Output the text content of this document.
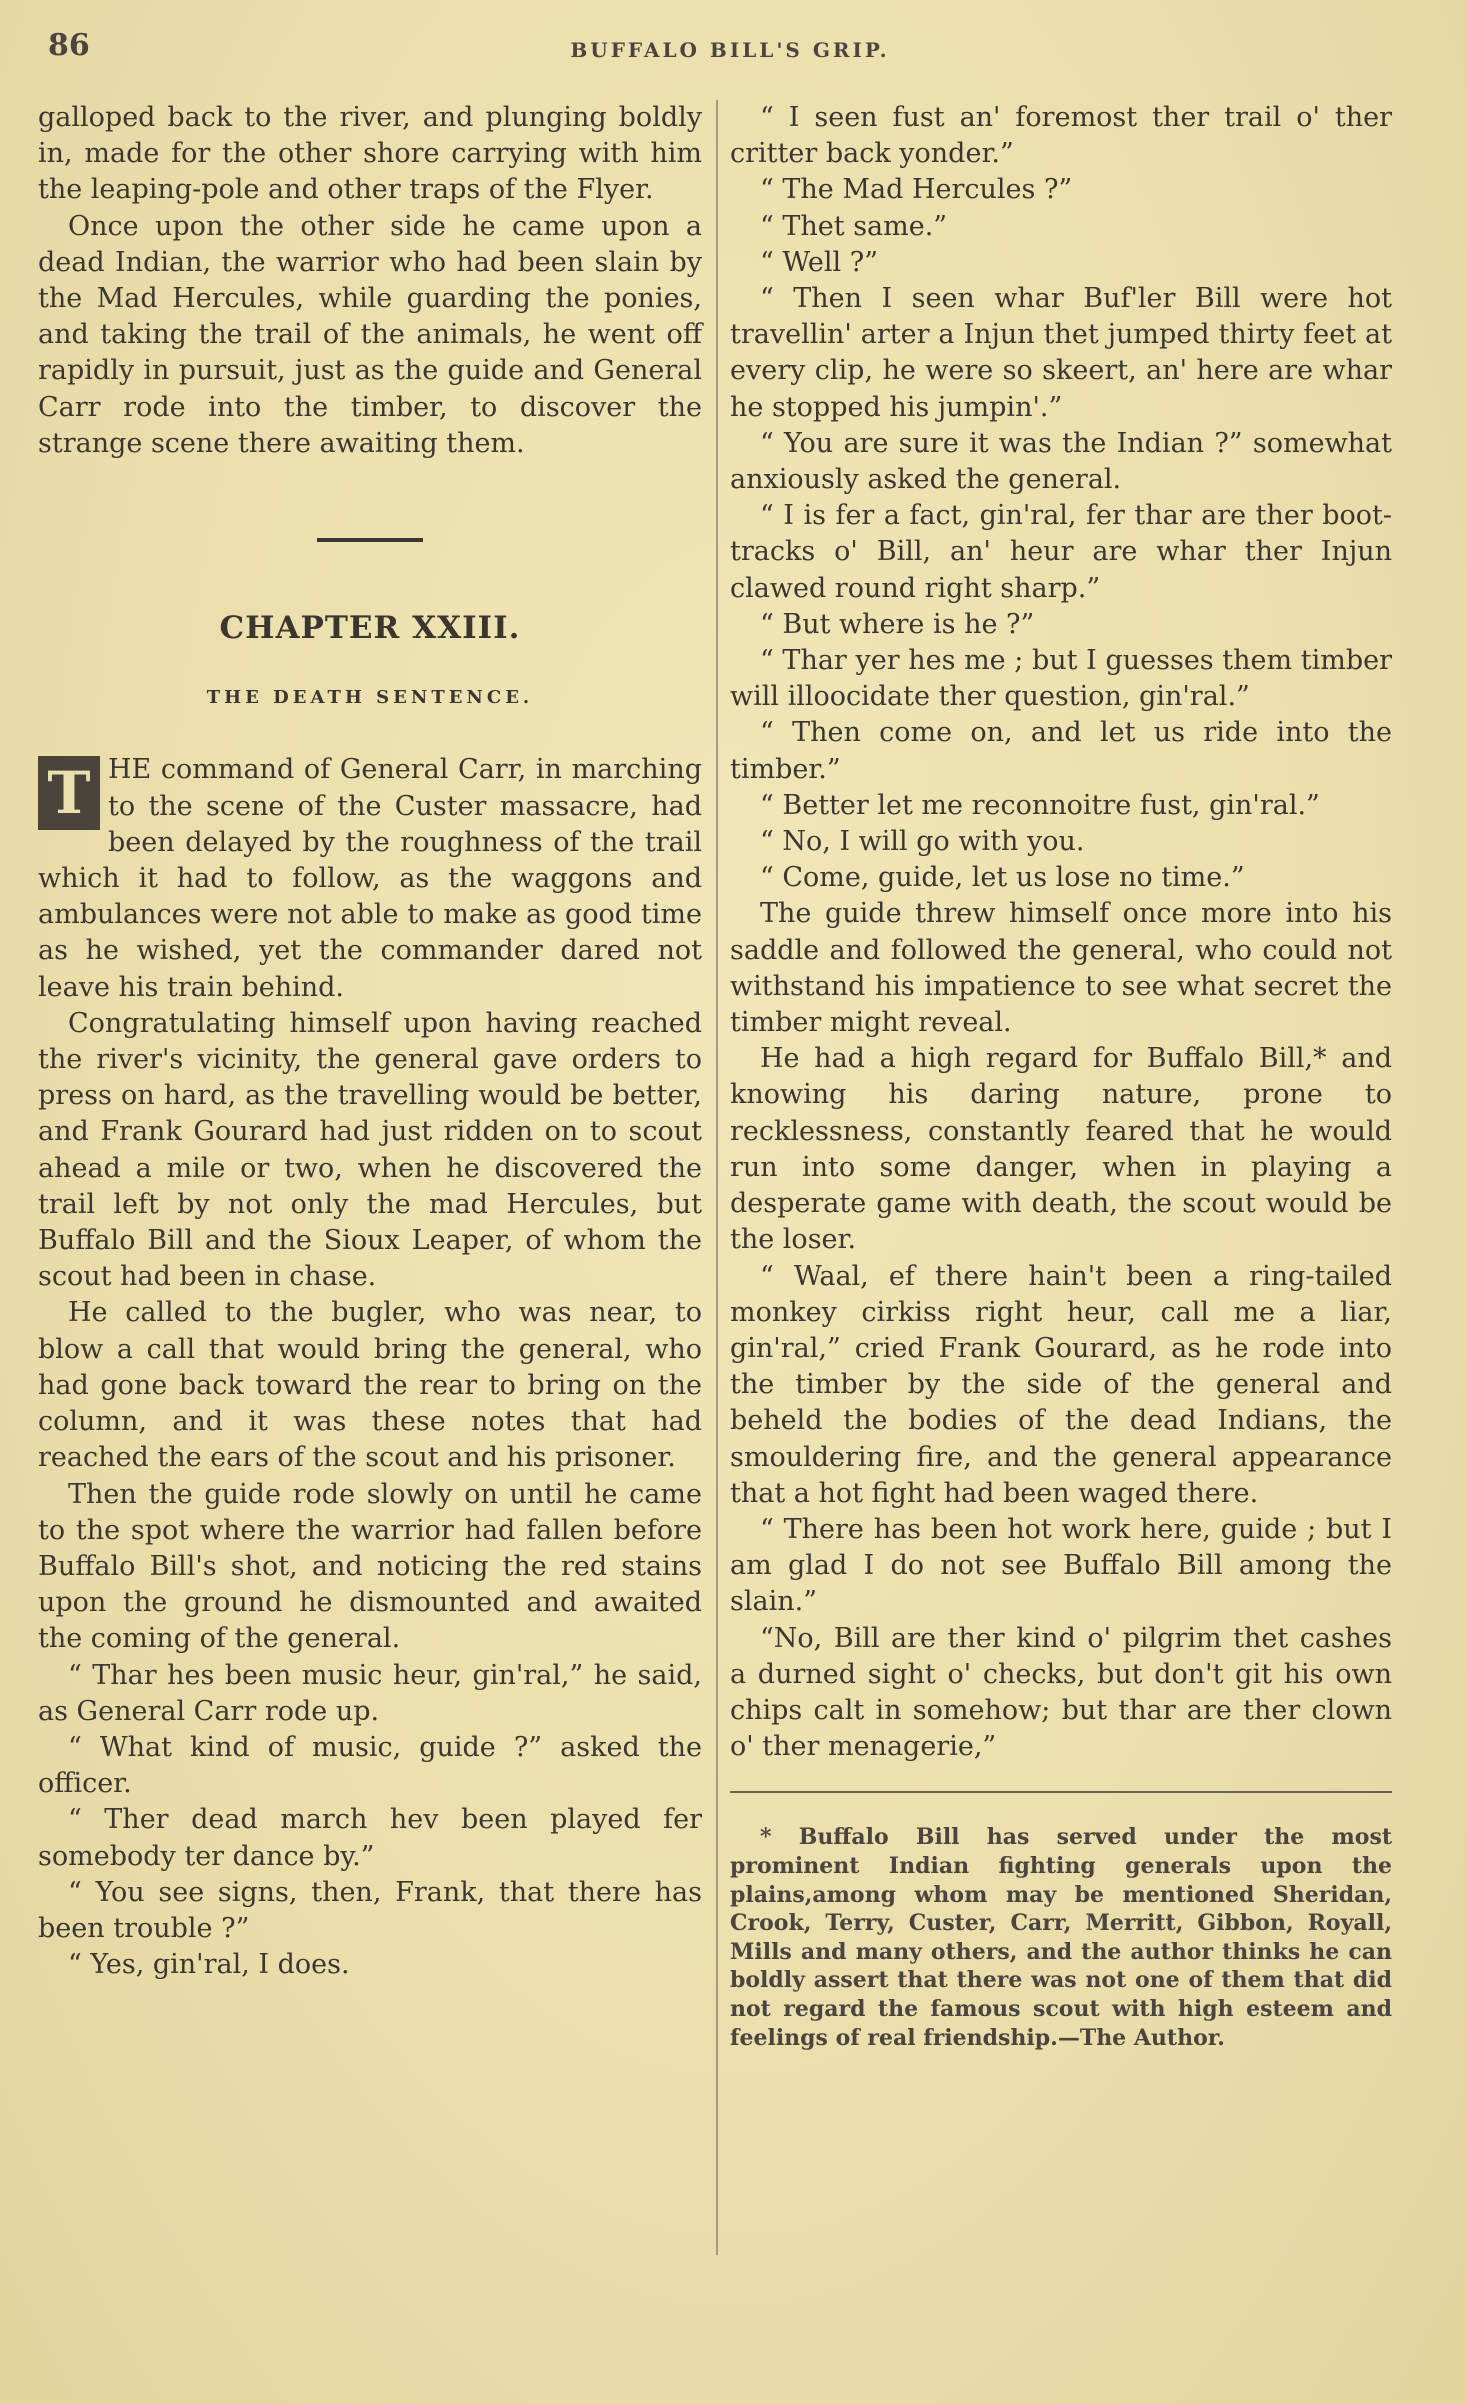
86	BUFFALO BILL'S GRIP.

galloped back to the river, and plunging boldly in, made for the other shore carrying with him the leaping-pole and other traps of the Flyer.

Once upon the other side he came upon a dead Indian, the warrior who had been slain by the Mad Hercules, while guarding the ponies, and taking the trail of the animals, he went off rapidly in pursuit, just as the guide and General Carr rode into the timber, to discover the strange scene there awaiting them.

CHAPTER XXIII.
THE DEATH SENTENCE.
T HE command of General Carr, in marching to the scene of the Custer massacre, had been delayed by the roughness of the trail which it had to follow, as the waggons and ambulances were not able to make as good time as he wished, yet the commander dared not leave his train behind.

Congratulating himself upon having reached the river's vicinity, the general gave orders to press on hard, as the travelling would be better, and Frank Gourard had just ridden on to scout ahead a mile or two, when he discovered the trail left by not only the mad Hercules, but Buffalo Bill and the Sioux Leaper, of whom the scout had been in chase.

He called to the bugler, who was near, to blow a call that would bring the general, who had gone back toward the rear to bring on the column, and it was these notes that had reached the ears of the scout and his prisoner.

Then the guide rode slowly on until he came to the spot where the warrior had fallen before Buffalo Bill's shot, and noticing the red stains upon the ground he dismounted and awaited the coming of the general.

“ Thar hes been music heur, gin'ral,” he said, as General Carr rode up.

“ What kind of music, guide ?” asked the officer.

“ Ther dead march hev been played fer somebody ter dance by.”

“ You see signs, then, Frank, that there has been trouble ?”

“ Yes, gin'ral, I does.

“ I seen fust an' foremost ther trail o' ther critter back yonder.”

“ The Mad Hercules ?”

“ Thet same.”

“ Well ?”

“ Then I seen whar Buf'ler Bill were hot travellin' arter a Injun thet jumped thirty feet at every clip, he were so skeert, an' here are whar he stopped his jumpin'.”

“ You are sure it was the Indian ?” somewhat anxiously asked the general.

“ I is fer a fact, gin'ral, fer thar are ther boot-tracks o' Bill, an' heur are whar ther Injun clawed round right sharp.”

“ But where is he ?”

“ Thar yer hes me ; but I guesses them timber will illoocidate ther question, gin'ral.”

“ Then come on, and let us ride into the timber.”

“ Better let me reconnoitre fust, gin'ral.”

“ No, I will go with you.

“ Come, guide, let us lose no time.”

The guide threw himself once more into his saddle and followed the general, who could not withstand his impatience to see what secret the timber might reveal.

He had a high regard for Buffalo Bill,* and knowing his daring nature, prone to recklessness, constantly feared that he would run into some danger, when in playing a desperate game with death, the scout would be the loser.

“ Waal, ef there hain't been a ring-tailed monkey cirkiss right heur, call me a liar, gin'ral,” cried Frank Gourard, as he rode into the timber by the side of the general and beheld the bodies of the dead Indians, the smouldering fire, and the general appearance that a hot fight had been waged there.

“ There has been hot work here, guide ; but I am glad I do not see Buffalo Bill among the slain.”

“No, Bill are ther kind o' pilgrim thet cashes a durned sight o' checks, but don't git his own chips calt in somehow; but thar are ther clown o' ther menagerie,”

* Buffalo Bill has served under the most prominent Indian fighting generals upon the plains,among whom may be mentioned Sheridan, Crook, Terry, Custer, Carr, Merritt, Gibbon, Royall, Mills and many others, and the author thinks he can boldly assert that there was not one of them that did not regard the famous scout with high esteem and feelings of real friendship.—The Author.
